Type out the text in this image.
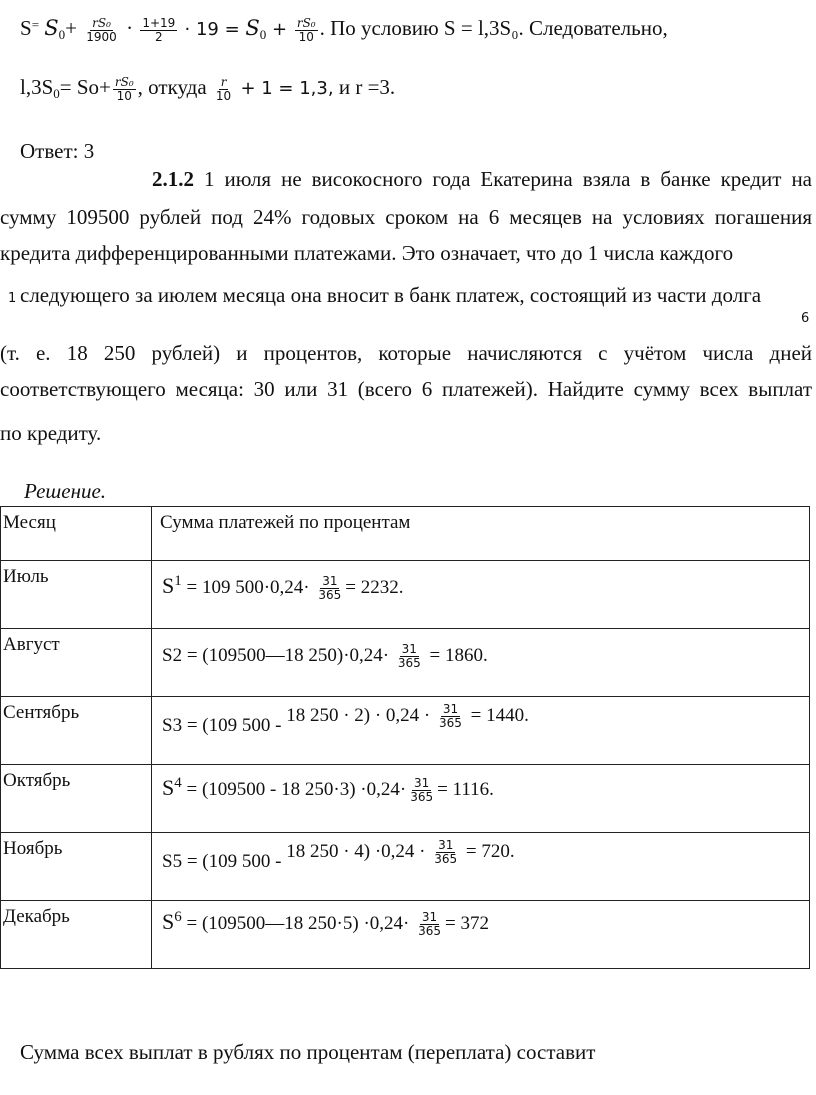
S= $S_0+ \frac{\text{rS₀}}{1900} \cdot \frac{1+19}{2} \cdot 19 = S_0 + \frac{\text{rS₀}}{10}$ . По условию S = l,3S₀. Следовательно,
$l,3S_0= So+ \frac{\text{rS₀}}{10}$ , откуда $\frac{r}{10} + 1 = 1,3$, и r =3.
Ответ: 3
2.1.2 1 июля не високосного года Екатерина взяла в банке кредит на
сумму 109500 рублей под 24% годовых сроком на 6 месяцев на условиях погашения
кредита дифференцированными платежами. Это означает, что до 1 числа каждого
1 следующего за июлем месяца она вносит в банк платеж, состоящий из части долга
6
(т. е. 18 250 рублей) и процентов, которые начисляются с учётом числа дней
соответствующего месяца: 30 или 31 (всего 6 платежей). Найдите сумму всех выплат
по кредиту.
Решение.
Месяц	Сумма платежей по процентам
Июль	$S^1 = 109$ $500\cdot 0,24\cdot \frac{31}{365} = 2232$.

Август	S2 = (109500—18 $250)\cdot 0,24\cdot \frac{31}{365} = 1860$.

Сентябрь	S3 = (109 500 - 18 $250 \cdot 2) \cdot 0,24 \cdot \frac{31}{365} = 1440$.

Октябрь	$S^4 = (109500 - 18$ $250\cdot 3) \cdot 0,24\cdot \frac{31}{365} = 1116$.

Ноябрь	S5 = (109 500 - 18 $250 \cdot 4) \cdot 0,24 \cdot \frac{31}{365} = 720$.

Декабрь	$S^6$ = (109500—18 $250\cdot 5) \cdot 0,24\cdot \frac{31}{365} = 372$
Сумма всех выплат в рублях по процентам (переплата) составит
